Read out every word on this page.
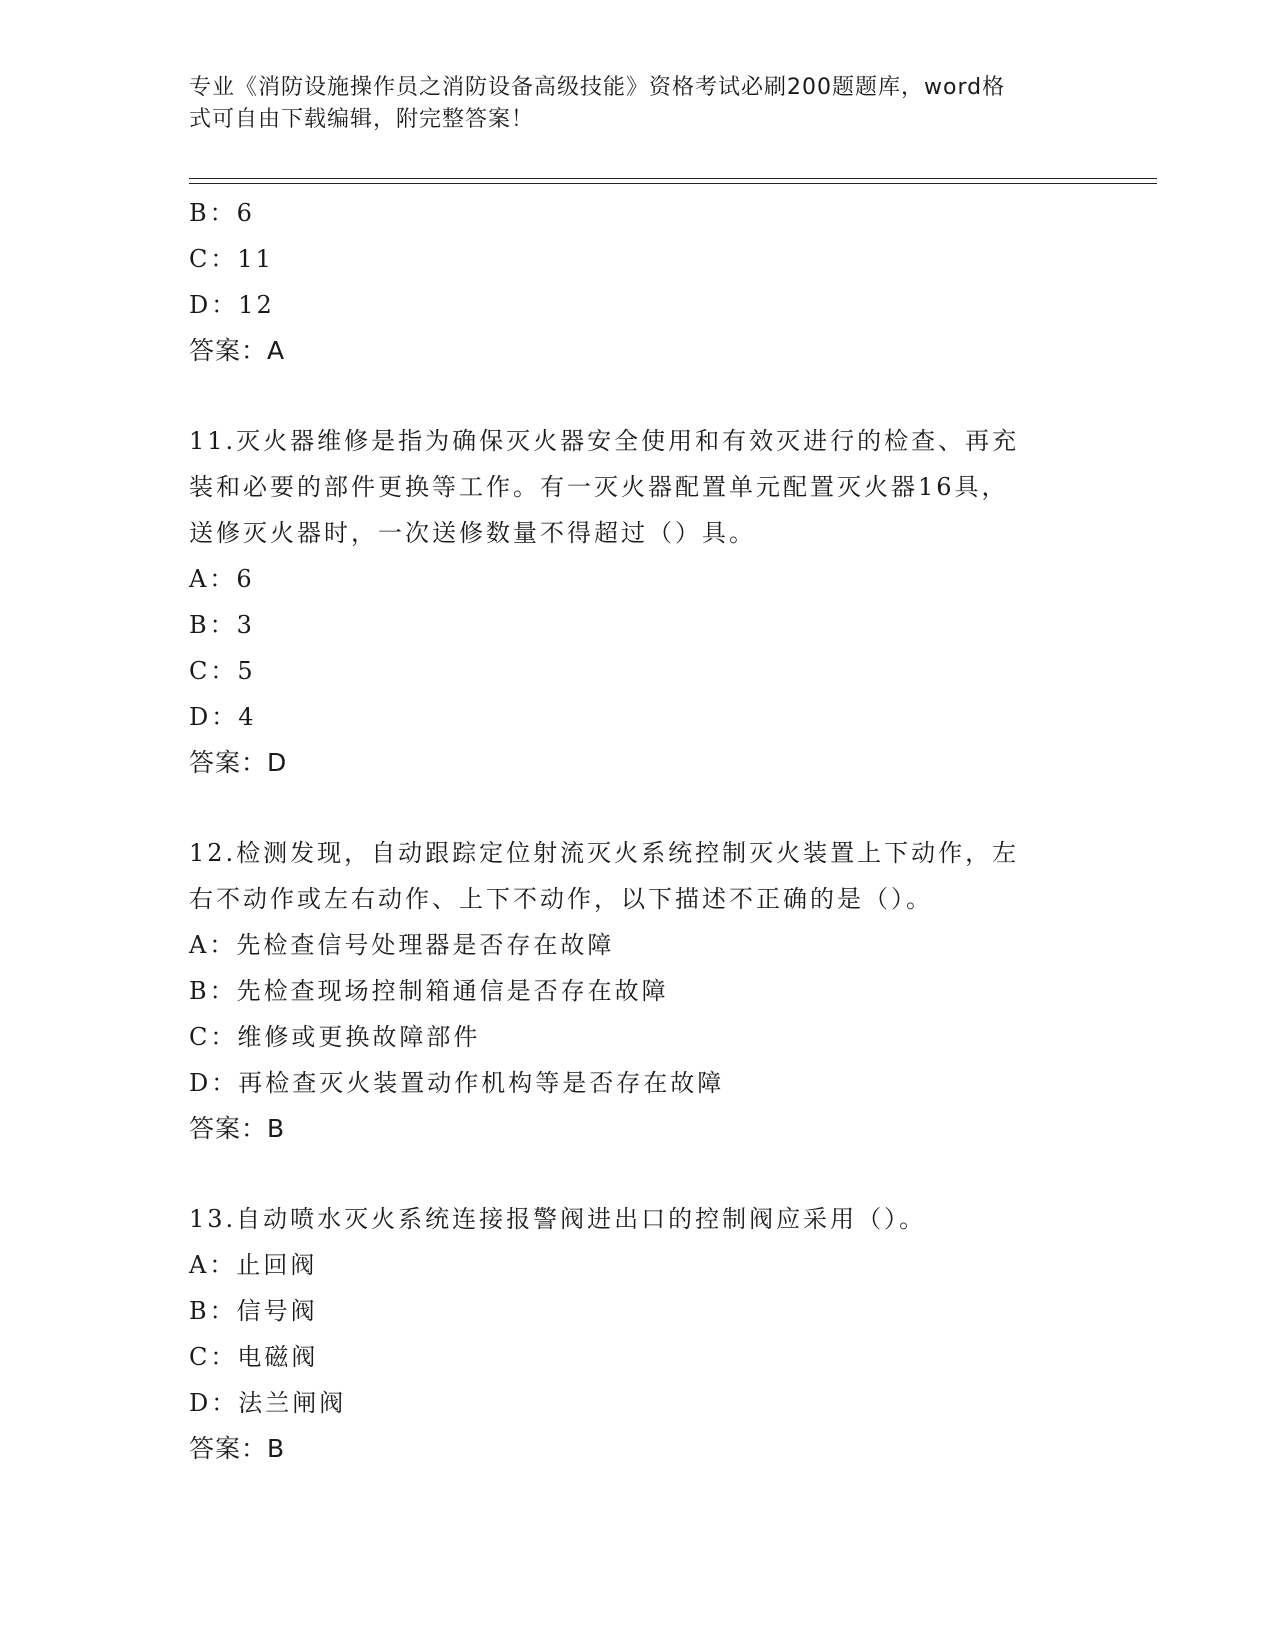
专业《消防设施操作员之消防设备高级技能》资格考试必刷200题题库，word格
式可自由下载编辑，附完整答案！
B：6
C：11
D：12
答案：A
11.灭火器维修是指为确保灭火器安全使用和有效灭进行的检查、再充
装和必要的部件更换等工作。有一灭火器配置单元配置灭火器16具，
送修灭火器时，一次送修数量不得超过（）具。
A：6
B：3
C：5
D：4
答案：D
12.检测发现，自动跟踪定位射流灭火系统控制灭火装置上下动作，左
右不动作或左右动作、上下不动作，以下描述不正确的是（）。
A：先检查信号处理器是否存在故障
B：先检查现场控制箱通信是否存在故障
C：维修或更换故障部件
D：再检查灭火装置动作机构等是否存在故障
答案：B
13.自动喷水灭火系统连接报警阀进出口的控制阀应采用（）。
A：止回阀
B：信号阀
C：电磁阀
D：法兰闸阀
答案：B
